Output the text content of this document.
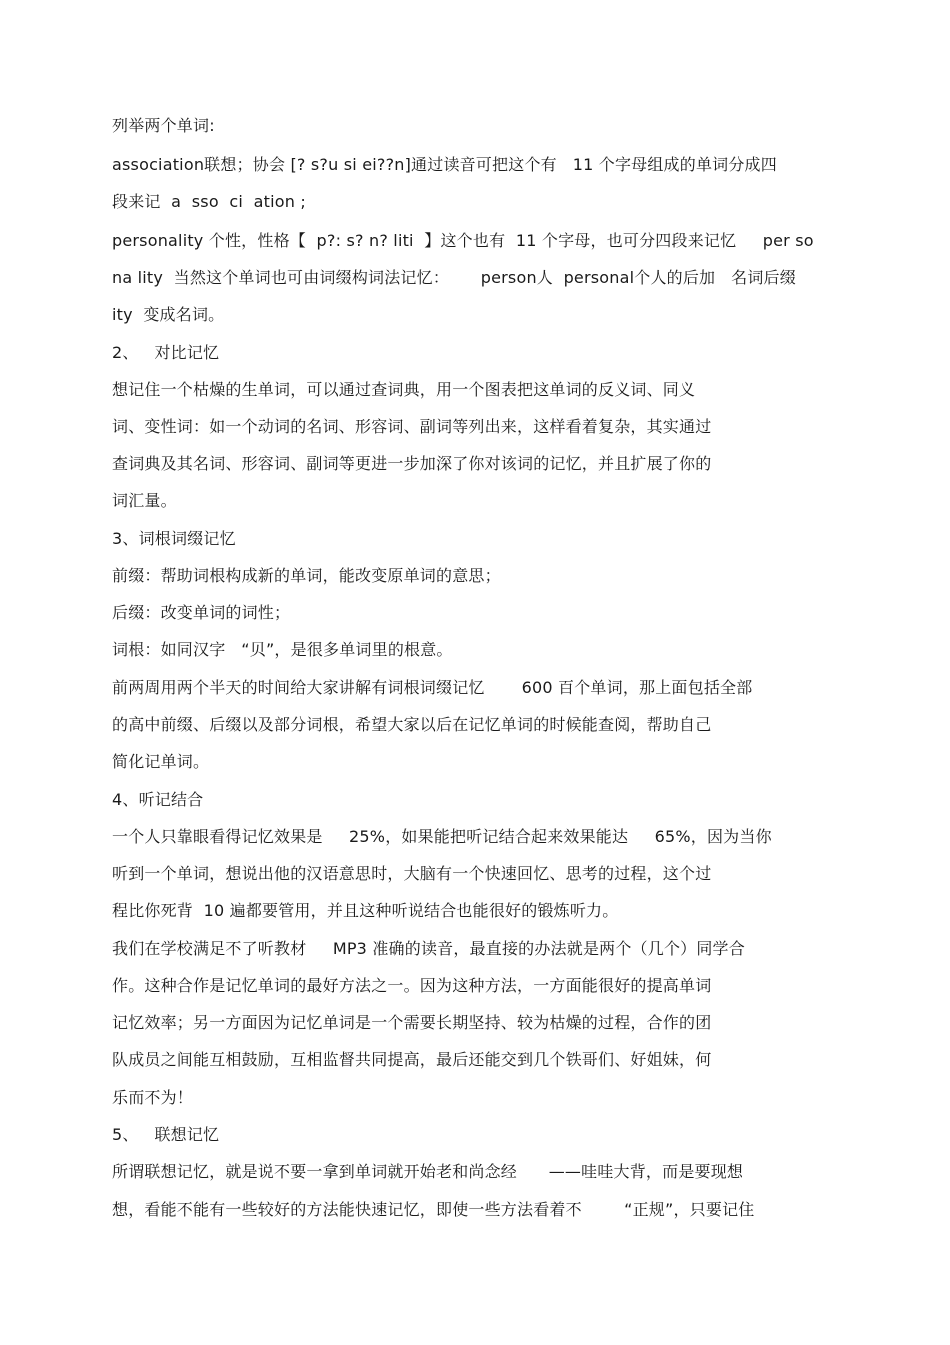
列举两个单词:
association联想；协会 [? s?u si ei??n]通过读音可把这个有   11 个字母组成的单词分成四
段来记  a  sso  ci  ation ;
personality 个性，性格【  p?: s? n? liti  】这个也有  11 个字母，也可分四段来记忆     per so
na lity  当然这个单词也可由词缀构词法记忆：      person人  personal个人的后加   名词后缀
ity  变成名词。
2、   对比记忆
想记住一个枯燥的生单词，可以通过查词典，用一个图表把这单词的反义词、同义
词、变性词：如一个动词的名词、形容词、副词等列出来，这样看着复杂，其实通过
查词典及其名词、形容词、副词等更进一步加深了你对该词的记忆，并且扩展了你的
词汇量。
3、词根词缀记忆
前缀：帮助词根构成新的单词，能改变原单词的意思；
后缀：改变单词的词性；
词根：如同汉字   “贝”，是很多单词里的根意。
前两周用两个半天的时间给大家讲解有词根词缀记忆       600 百个单词，那上面包括全部
的高中前缀、后缀以及部分词根，希望大家以后在记忆单词的时候能查阅，帮助自己
简化记单词。
4、听记结合
一个人只靠眼看得记忆效果是     25%，如果能把听记结合起来效果能达     65%，因为当你
听到一个单词，想说出他的汉语意思时，大脑有一个快速回忆、思考的过程，这个过
程比你死背  10 遍都要管用，并且这种听说结合也能很好的锻炼听力。
我们在学校满足不了听教材     MP3 准确的读音，最直接的办法就是两个（几个）同学合
作。这种合作是记忆单词的最好方法之一。因为这种方法，一方面能很好的提高单词
记忆效率；另一方面因为记忆单词是一个需要长期坚持、较为枯燥的过程，合作的团
队成员之间能互相鼓励，互相监督共同提高，最后还能交到几个铁哥们、好姐妹，何
乐而不为！
5、   联想记忆
所谓联想记忆，就是说不要一拿到单词就开始老和尚念经      ——哇哇大背，而是要现想
想，看能不能有一些较好的方法能快速记忆，即使一些方法看着不        “正规”，只要记住
